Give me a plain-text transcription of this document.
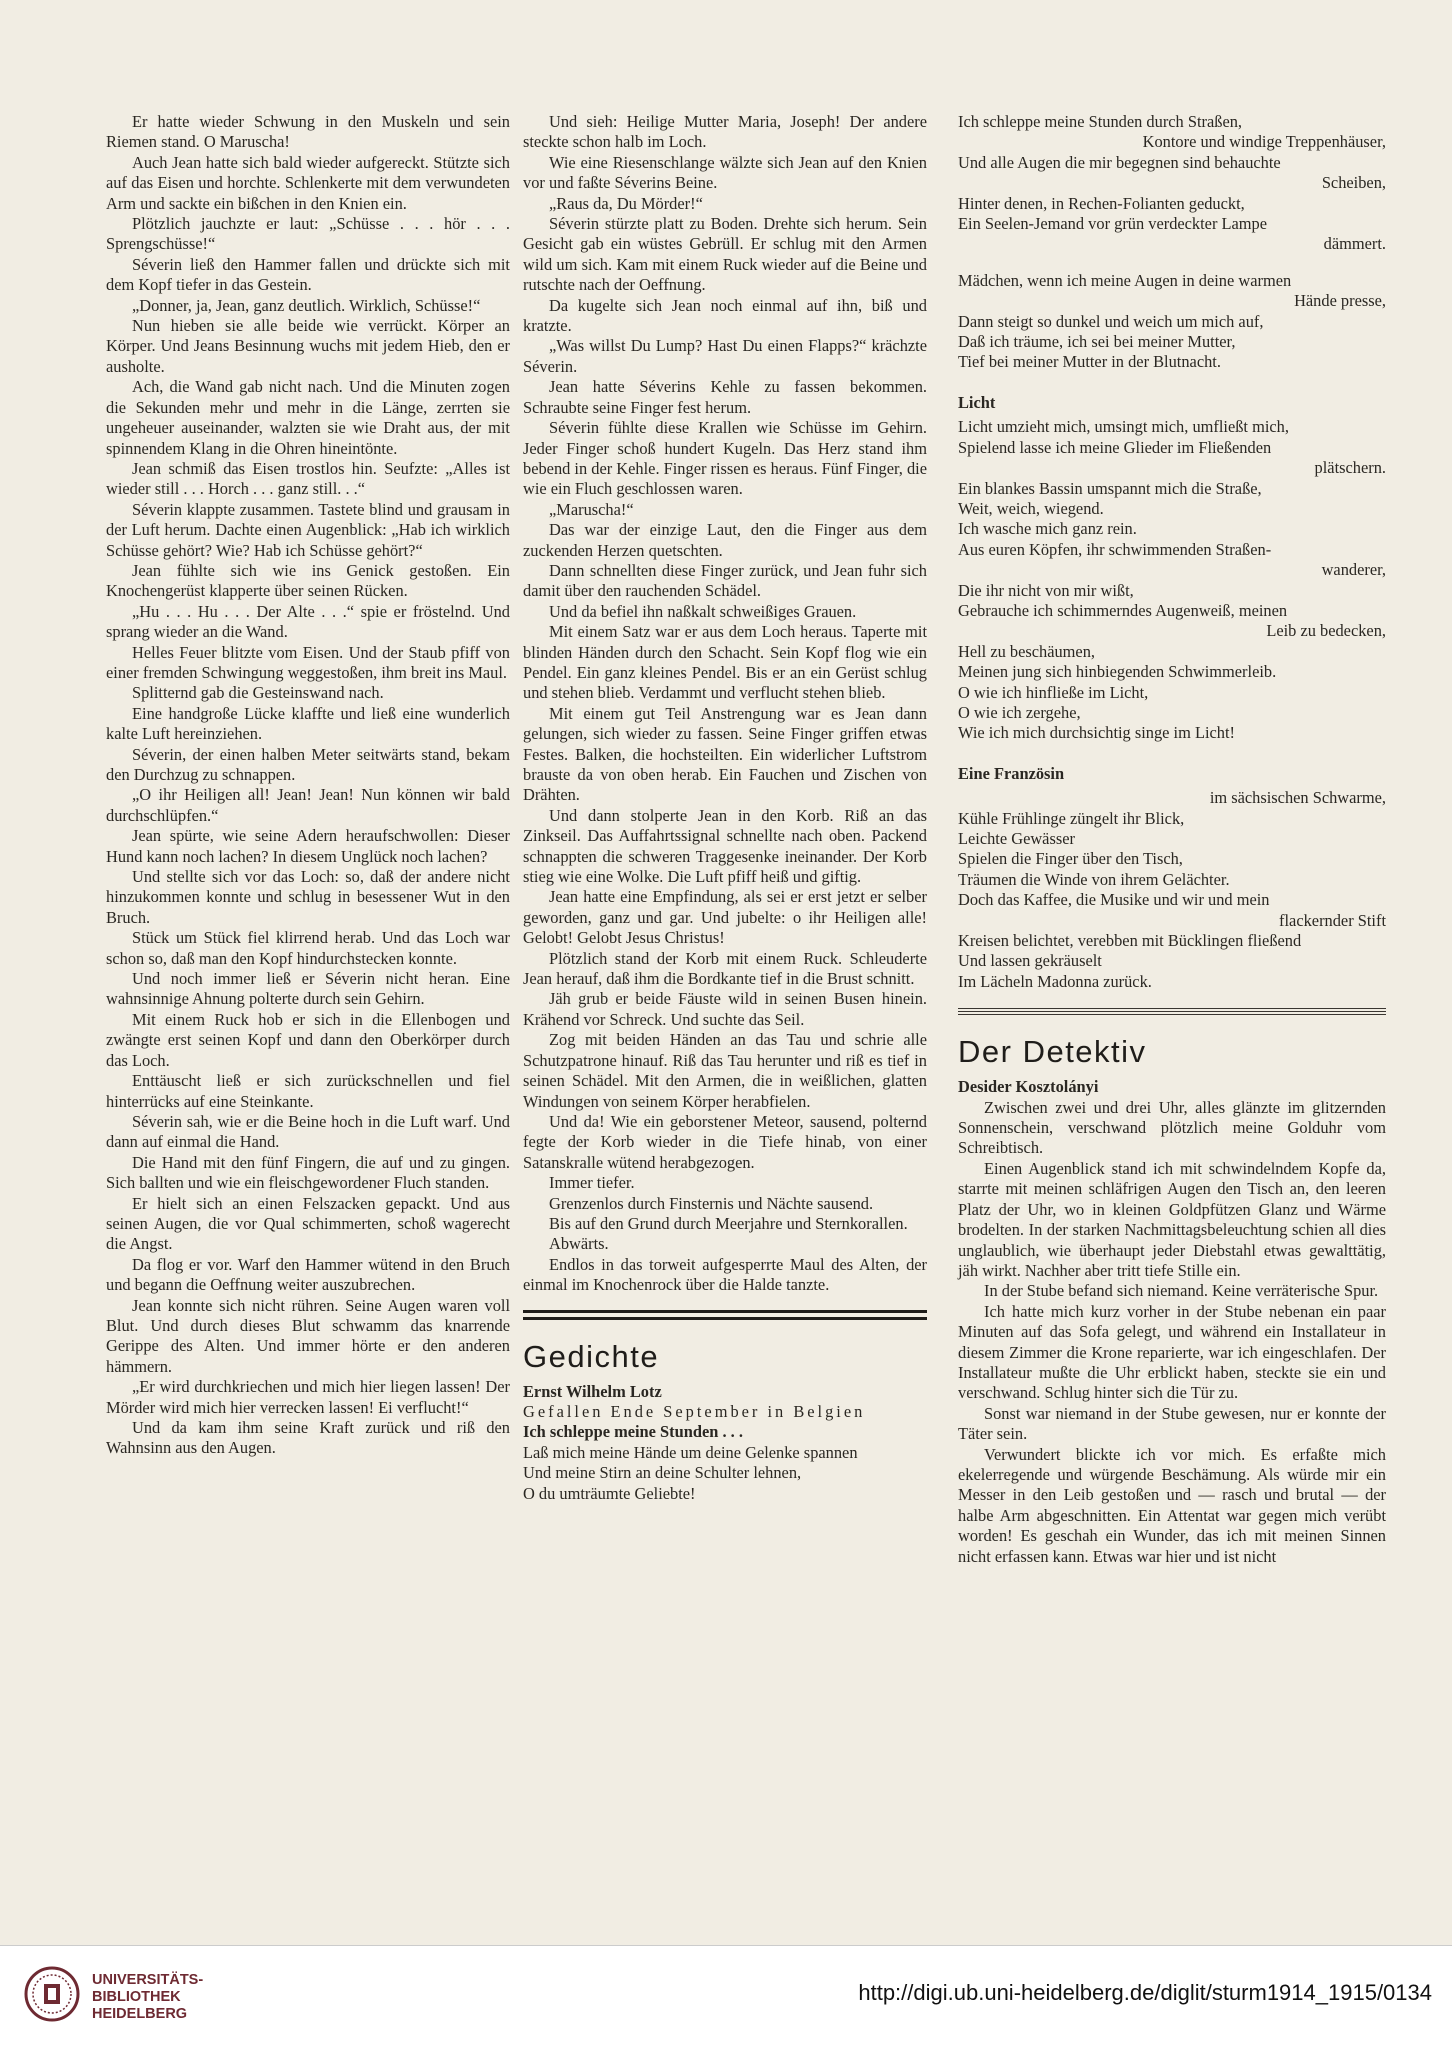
Er hatte wieder Schwung in den Muskeln und sein Riemen stand. O Maruscha!

Auch Jean hatte sich bald wieder aufgereckt. Stützte sich auf das Eisen und horchte. Schlenkerte mit dem verwundeten Arm und sackte ein bißchen in den Knien ein.

Plötzlich jauchzte er laut: „Schüsse . . . hör . . . Sprengschüsse!“

Séverin ließ den Hammer fallen und drückte sich mit dem Kopf tiefer in das Gestein.

„Donner, ja, Jean, ganz deutlich. Wirklich, Schüsse!“

Nun hieben sie alle beide wie verrückt. Körper an Körper. Und Jeans Besinnung wuchs mit jedem Hieb, den er ausholte.

Ach, die Wand gab nicht nach. Und die Minuten zogen die Sekunden mehr und mehr in die Länge, zerrten sie ungeheuer auseinander, walzten sie wie Draht aus, der mit spinnendem Klang in die Ohren hineintönte.

Jean schmiß das Eisen trostlos hin. Seufzte: „Alles ist wieder still . . . Horch . . . ganz still. . .“

Séverin klappte zusammen. Tastete blind und grausam in der Luft herum. Dachte einen Augenblick: „Hab ich wirklich Schüsse gehört? Wie? Hab ich Schüsse gehört?“

Jean fühlte sich wie ins Genick gestoßen. Ein Knochengerüst klapperte über seinen Rücken.

„Hu . . . Hu . . . Der Alte . . .“ spie er fröstelnd. Und sprang wieder an die Wand.

Helles Feuer blitzte vom Eisen. Und der Staub pfiff von einer fremden Schwingung weggestoßen, ihm breit ins Maul.

Splitternd gab die Gesteinswand nach.

Eine handgroße Lücke klaffte und ließ eine wunderlich kalte Luft hereinziehen.

Séverin, der einen halben Meter seitwärts stand, bekam den Durchzug zu schnappen.

„O ihr Heiligen all! Jean! Jean! Nun können wir bald durchschlüpfen.“

Jean spürte, wie seine Adern heraufschwollen: Dieser Hund kann noch lachen? In diesem Unglück noch lachen?

Und stellte sich vor das Loch: so, daß der andere nicht hinzukommen konnte und schlug in besessener Wut in den Bruch.

Stück um Stück fiel klirrend herab. Und das Loch war schon so, daß man den Kopf hindurchstecken konnte.

Und noch immer ließ er Séverin nicht heran. Eine wahnsinnige Ahnung polterte durch sein Gehirn.

Mit einem Ruck hob er sich in die Ellenbogen und zwängte erst seinen Kopf und dann den Oberkörper durch das Loch.

Enttäuscht ließ er sich zurückschnellen und fiel hinterrücks auf eine Steinkante.

Séverin sah, wie er die Beine hoch in die Luft warf. Und dann auf einmal die Hand.

Die Hand mit den fünf Fingern, die auf und zu gingen. Sich ballten und wie ein fleischgewordener Fluch standen.

Er hielt sich an einen Felszacken gepackt. Und aus seinen Augen, die vor Qual schimmerten, schoß wagerecht die Angst.

Da flog er vor. Warf den Hammer wütend in den Bruch und begann die Oeffnung weiter auszubrechen.

Jean konnte sich nicht rühren. Seine Augen waren voll Blut. Und durch dieses Blut schwamm das knarrende Gerippe des Alten. Und immer hörte er den anderen hämmern.

„Er wird durchkriechen und mich hier liegen lassen! Der Mörder wird mich hier verrecken lassen! Ei verflucht!“

Und da kam ihm seine Kraft zurück und riß den Wahnsinn aus den Augen.

Und sieh: Heilige Mutter Maria, Joseph! Der andere steckte schon halb im Loch.

Wie eine Riesenschlange wälzte sich Jean auf den Knien vor und faßte Séverins Beine.

„Raus da, Du Mörder!“

Séverin stürzte platt zu Boden. Drehte sich herum. Sein Gesicht gab ein wüstes Gebrüll. Er schlug mit den Armen wild um sich. Kam mit einem Ruck wieder auf die Beine und rutschte nach der Oeffnung.

Da kugelte sich Jean noch einmal auf ihn, biß und kratzte.

„Was willst Du Lump? Hast Du einen Flapps?“ krächzte Séverin.

Jean hatte Séverins Kehle zu fassen bekommen. Schraubte seine Finger fest herum.

Séverin fühlte diese Krallen wie Schüsse im Gehirn. Jeder Finger schoß hundert Kugeln. Das Herz stand ihm bebend in der Kehle. Finger rissen es heraus. Fünf Finger, die wie ein Fluch geschlossen waren.

„Maruscha!“

Das war der einzige Laut, den die Finger aus dem zuckenden Herzen quetschten.

Dann schnellten diese Finger zurück, und Jean fuhr sich damit über den rauchenden Schädel.

Und da befiel ihn naßkalt schweißiges Grauen.

Mit einem Satz war er aus dem Loch heraus. Taperte mit blinden Händen durch den Schacht. Sein Kopf flog wie ein Pendel. Ein ganz kleines Pendel. Bis er an ein Gerüst schlug und stehen blieb. Verdammt und verflucht stehen blieb.

Mit einem gut Teil Anstrengung war es Jean dann gelungen, sich wieder zu fassen. Seine Finger griffen etwas Festes. Balken, die hochsteilten. Ein widerlicher Luftstrom brauste da von oben herab. Ein Fauchen und Zischen von Drähten.

Und dann stolperte Jean in den Korb. Riß an das Zinkseil. Das Auffahrtssignal schnellte nach oben. Packend schnappten die schweren Traggesenke ineinander. Der Korb stieg wie eine Wolke. Die Luft pfiff heiß und giftig.

Jean hatte eine Empfindung, als sei er erst jetzt er selber geworden, ganz und gar. Und jubelte: o ihr Heiligen alle! Gelobt! Gelobt Jesus Christus!

Plötzlich stand der Korb mit einem Ruck. Schleuderte Jean herauf, daß ihm die Bordkante tief in die Brust schnitt.

Jäh grub er beide Fäuste wild in seinen Busen hinein. Krähend vor Schreck. Und suchte das Seil.

Zog mit beiden Händen an das Tau und schrie alle Schutzpatrone hinauf. Riß das Tau herunter und riß es tief in seinen Schädel. Mit den Armen, die in weißlichen, glatten Windungen von seinem Körper herabfielen.

Und da! Wie ein geborstener Meteor, sausend, polternd fegte der Korb wieder in die Tiefe hinab, von einer Satanskralle wütend herabgezogen.

Immer tiefer.

Grenzenlos durch Finsternis und Nächte sausend.

Bis auf den Grund durch Meerjahre und Sternkorallen.

Abwärts.

Endlos in das torweit aufgesperrte Maul des Alten, der einmal im Knochenrock über die Halde tanzte.

Gedichte

Ernst Wilhelm Lotz

Gefallen Ende September in Belgien

Ich schleppe meine Stunden . . .

Laß mich meine Hände um deine Gelenke spannen

Und meine Stirn an deine Schulter lehnen,

O du umträumte Geliebte!

Ich schleppe meine Stunden durch Straßen,

Kontore und windige Treppenhäuser,

Und alle Augen die mir begegnen sind behauchte

Scheiben,

Hinter denen, in Rechen-Folianten geduckt,

Ein Seelen-Jemand vor grün verdeckter Lampe

dämmert.

Mädchen, wenn ich meine Augen in deine warmen

Hände presse,

Dann steigt so dunkel und weich um mich auf,

Daß ich träume, ich sei bei meiner Mutter,

Tief bei meiner Mutter in der Blutnacht.

Licht

Licht umzieht mich, umsingt mich, umfließt mich,

Spielend lasse ich meine Glieder im Fließenden

plätschern.

Ein blankes Bassin umspannt mich die Straße,

Weit, weich, wiegend.

Ich wasche mich ganz rein.

Aus euren Köpfen, ihr schwimmenden Straßen-

wanderer,

Die ihr nicht von mir wißt,

Gebrauche ich schimmerndes Augenweiß, meinen

Leib zu bedecken,

Hell zu beschäumen,

Meinen jung sich hinbiegenden Schwimmerleib.

O wie ich hinfließe im Licht,

O wie ich zergehe,

Wie ich mich durchsichtig singe im Licht!

Eine Französin

im sächsischen Schwarme,

Kühle Frühlinge züngelt ihr Blick,

Leichte Gewässer

Spielen die Finger über den Tisch,

Träumen die Winde von ihrem Gelächter.

Doch das Kaffee, die Musike und wir und mein

flackernder Stift

Kreisen belichtet, verebben mit Bücklingen fließend

Und lassen gekräuselt

Im Lächeln Madonna zurück.

Der Detektiv

Desider Kosztolányi

Zwischen zwei und drei Uhr, alles glänzte im glitzernden Sonnenschein, verschwand plötzlich meine Golduhr vom Schreibtisch.

Einen Augenblick stand ich mit schwindelndem Kopfe da, starrte mit meinen schläfrigen Augen den Tisch an, den leeren Platz der Uhr, wo in kleinen Goldpfützen Glanz und Wärme brodelten. In der starken Nachmittagsbeleuchtung schien all dies unglaublich, wie überhaupt jeder Diebstahl etwas gewalttätig, jäh wirkt. Nachher aber tritt tiefe Stille ein.

In der Stube befand sich niemand. Keine verräterische Spur.

Ich hatte mich kurz vorher in der Stube nebenan ein paar Minuten auf das Sofa gelegt, und während ein Installateur in diesem Zimmer die Krone reparierte, war ich eingeschlafen. Der Installateur mußte die Uhr erblickt haben, steckte sie ein und verschwand. Schlug hinter sich die Tür zu.

Sonst war niemand in der Stube gewesen, nur er konnte der Täter sein.

Verwundert blickte ich vor mich. Es erfaßte mich ekelerregende und würgende Beschämung. Als würde mir ein Messer in den Leib gestoßen und — rasch und brutal — der halbe Arm abgeschnitten. Ein Attentat war gegen mich verübt worden! Es geschah ein Wunder, das ich mit meinen Sinnen nicht erfassen kann. Etwas war hier und ist nicht

UNIVERSITÄTS-
BIBLIOTHEK
HEIDELBERG
http://digi.ub.uni-heidelberg.de/diglit/sturm1914_1915/0134
